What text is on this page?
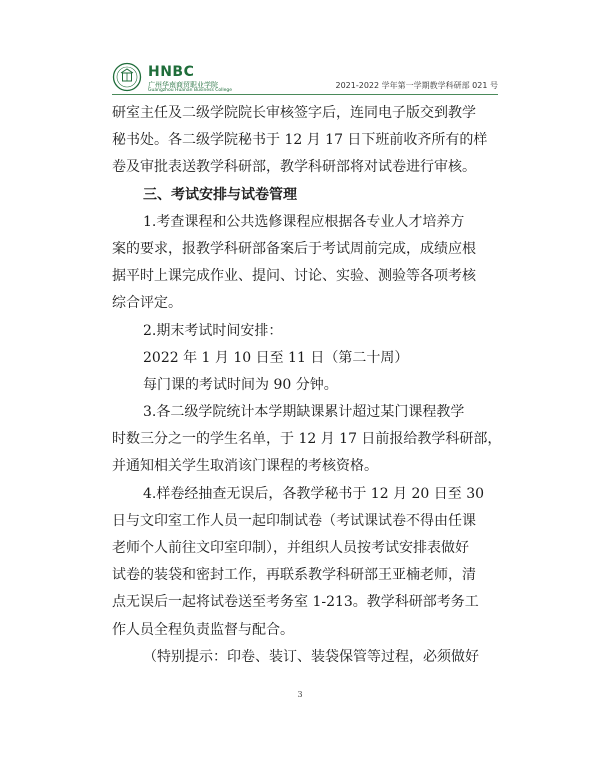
HNBC
广州华南商贸职业学院
Guangzhou Huanan Business College
2021-2022 学年第一学期教学科研部 021 号
研室主任及二级学院院长审核签字后，连同电子版交到教学
秘书处。各二级学院秘书于 12 月 17 日下班前收齐所有的样
卷及审批表送教学科研部，教学科研部将对试卷进行审核。
三、考试安排与试卷管理
1.考查课程和公共选修课程应根据各专业人才培养方
案的要求，报教学科研部备案后于考试周前完成，成绩应根
据平时上课完成作业、提问、讨论、实验、测验等各项考核
综合评定。
2.期末考试时间安排：
2022 年 1 月 10 日至 11 日（第二十周）
每门课的考试时间为 90 分钟。
3.各二级学院统计本学期缺课累计超过某门课程教学
时数三分之一的学生名单，于 12 月 17 日前报给教学科研部，
并通知相关学生取消该门课程的考核资格。
4.样卷经抽查无误后，各教学秘书于 12 月 20 日至 30
日与文印室工作人员一起印制试卷（考试课试卷不得由任课
老师个人前往文印室印制），并组织人员按考试安排表做好
试卷的装袋和密封工作，再联系教学科研部王亚楠老师，清
点无误后一起将试卷送至考务室 1-213。教学科研部考务工
作人员全程负责监督与配合。
（特别提示：印卷、装订、装袋保管等过程，必须做好
3
